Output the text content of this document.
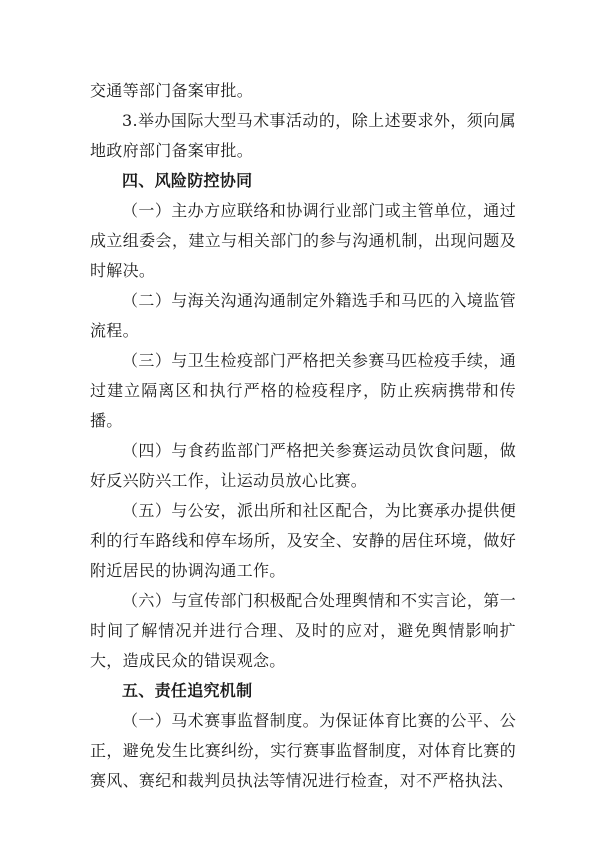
交通等部门备案审批。

3.举办国际大型马术事活动的，除上述要求外，须向属地政府部门备案审批。

四、风险防控协同

（一）主办方应联络和协调行业部门或主管单位，通过成立组委会，建立与相关部门的参与沟通机制，出现问题及时解决。

（二）与海关沟通沟通制定外籍选手和马匹的入境监管流程。

（三）与卫生检疫部门严格把关参赛马匹检疫手续，通过建立隔离区和执行严格的检疫程序，防止疾病携带和传播。

（四）与食药监部门严格把关参赛运动员饮食问题，做好反兴防兴工作，让运动员放心比赛。

（五）与公安，派出所和社区配合，为比赛承办提供便利的行车路线和停车场所，及安全、安静的居住环境，做好附近居民的协调沟通工作。

（六）与宣传部门积极配合处理舆情和不实言论，第一时间了解情况并进行合理、及时的应对，避免舆情影响扩大，造成民众的错误观念。

五、责任追究机制

（一）马术赛事监督制度。为保证体育比赛的公平、公正，避免发生比赛纠纷，实行赛事监督制度，对体育比赛的赛风、赛纪和裁判员执法等情况进行检查，对不严格执法、
